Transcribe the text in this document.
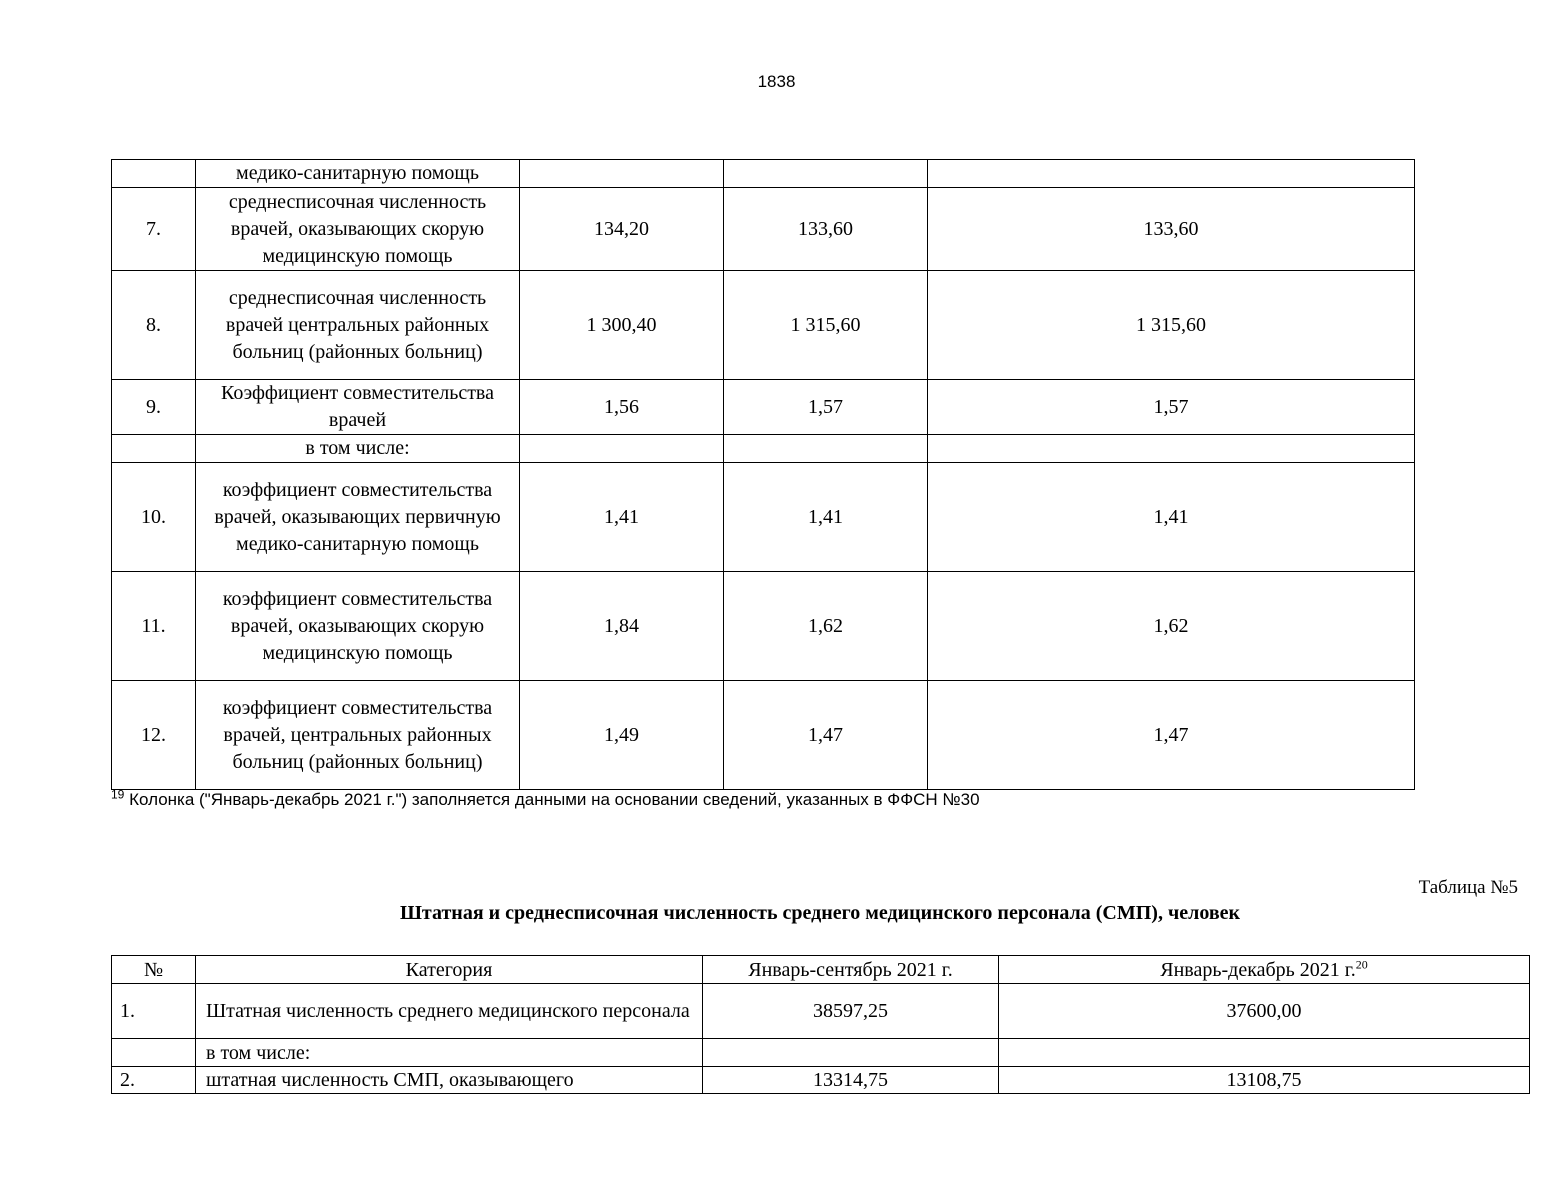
1838
	медико-санитарную помощь			
7.	среднесписочная численность врачей, оказывающих скорую медицинскую помощь	134,20	133,60	133,60
8.	среднесписочная численность врачей центральных районных больниц (районных больниц)	1 300,40	1 315,60	1 315,60
9.	Коэффициент совместительства врачей	1,56	1,57	1,57
	в том числе:			
10.	коэффициент совместительства врачей, оказывающих первичную медико-санитарную помощь	1,41	1,41	1,41
11.	коэффициент совместительства врачей, оказывающих скорую медицинскую помощь	1,84	1,62	1,62
12.	коэффициент совместительства врачей, центральных районных больниц (районных больниц)	1,49	1,47	1,47
$^{19}$ Колонка ("Январь-декабрь 2021 г.") заполняется данными на основании сведений, указанных в ФФСН №30
Таблица №5
Штатная и среднесписочная численность среднего медицинского персонала (СМП), человек
№	Категория	Январь-сентябрь 2021 г.	Январь-декабрь 2021 г.$^{20}$
1.	Штатная численность среднего медицинского персонала	38597,25	37600,00
	в том числе:		
2.	штатная численность СМП, оказывающего	13314,75	13108,75
